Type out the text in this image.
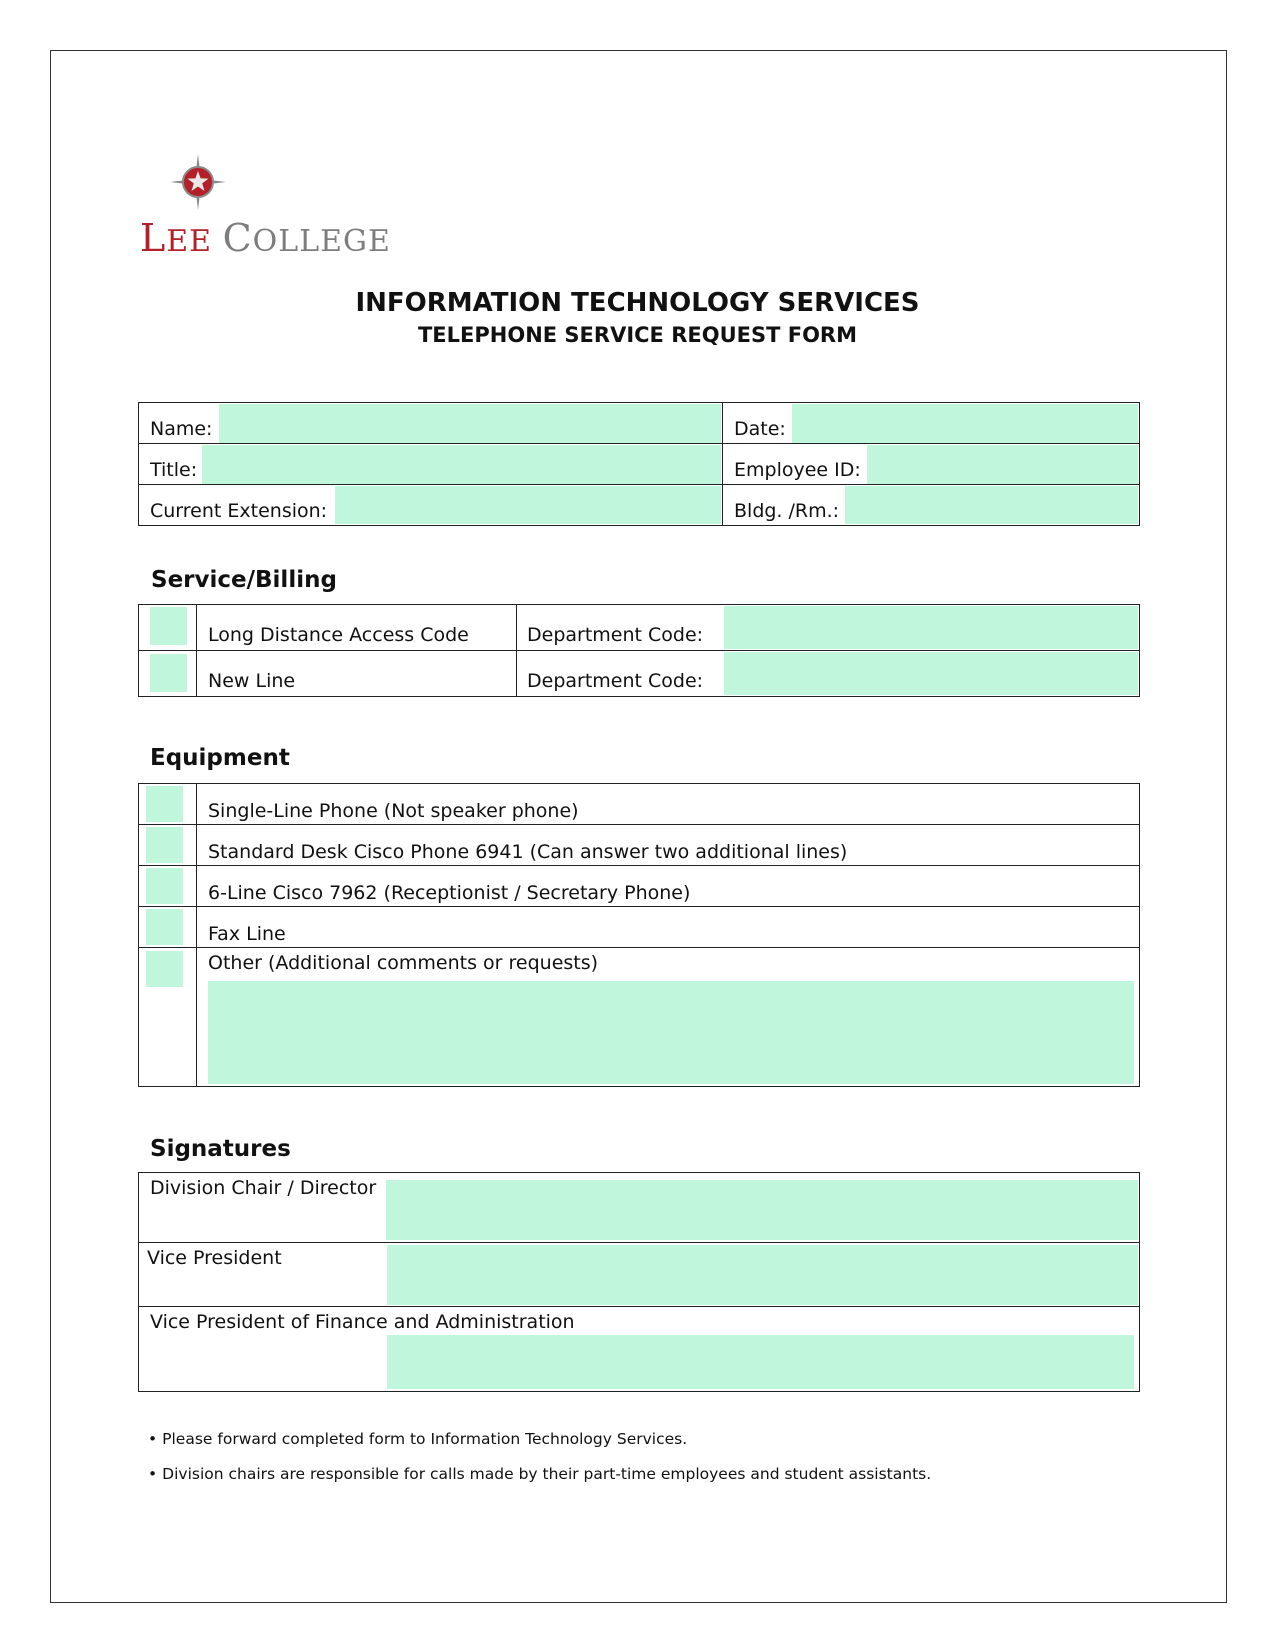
LEE COLLEGE
INFORMATION TECHNOLOGY SERVICES
TELEPHONE SERVICE REQUEST FORM
Name:	Date:
Title:	Employee ID:
Current Extension:	Bldg. /Rm.:
Service/Billing
Long Distance Access Code	Department Code:
New Line	Department Code:
Equipment
Single-Line Phone (Not speaker phone)
Standard Desk Cisco Phone 6941 (Can answer two additional lines)
6-Line Cisco 7962 (Receptionist / Secretary Phone)
Fax Line
Other (Additional comments or requests)
Signatures
Division Chair / Director
Vice President
Vice President of Finance and Administration
• Please forward completed form to Information Technology Services.
• Division chairs are responsible for calls made by their part-time employees and student assistants.
